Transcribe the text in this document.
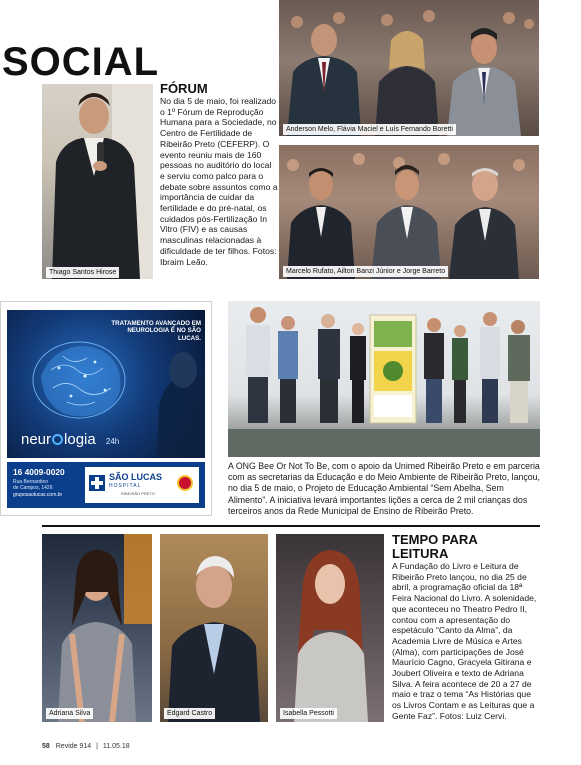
SOCIAL
Thiago Santos Hirose
FÓRUM
No dia 5 de maio, foi realizado o 1º Fórum de Reprodução Humana para a Sociedade, no Centro de Fertilidade de Ribeirão Preto (CEFERP). O evento reuniu mais de 160 pessoas no auditório do local e serviu como palco para o debate sobre assuntos como a importância de cuidar da fertilidade e do pré-natal, os cuidados pós-Fertilização In Vitro (FIV) e as causas masculinas relacionadas à dificuldade de ter filhos. Fotos: Ibraim Leão.
Anderson Melo, Flávia Maciel e Luís Fernando Boretti
Marcelo Rufato, Ailton Banzi Júnior e Jorge Barreto
TRATAMENTO AVANÇADO EM NEUROLOGIA É NO SÃO LUCAS.
neur logia 24h
16 4009-0020
Rua Bernardino
de Campos, 1426
gruposaolucas.com.br
SÃO LUCAS
HOSPITAL
RIBEIRÃO PRETO
A ONG Bee Or Not To Be, com o apoio da Unimed Ribeirão Preto e em parceria com as secretarias da Educação e do Meio Ambiente de Ribeirão Preto, lançou, no dia 5 de maio, o Projeto de Educação Ambiental “Sem Abelha, Sem Alimento”. A iniciativa levará importantes lições a cerca de 2 mil crianças dos terceiros anos da Rede Municipal de Ensino de Ribeirão Preto.
Adriana Silva	Edgard Castro	Isabella Pessotti
TEMPO PARA
LEITURA
A Fundação do Livro e Leitura de Ribeirão Preto lançou, no dia 25 de abril, a programação oficial da 18ª Feira Nacional do Livro. A solenidade, que aconteceu no Theatro Pedro II, contou com a apresentação do espetáculo “Canto da Alma”, da Academia Livre de Música e Artes (Alma), com participações de José Maurício Cagno, Gracyela Gitirana e Joubert Oliveira e texto de Adriana Silva. A feira acontece de 20 a 27 de maio e traz o tema “As Histórias que os Livros Contam e as Leituras que a Gente Faz”. Fotos: Luiz Cervi.
58 Revide 914 | 11.05.18
